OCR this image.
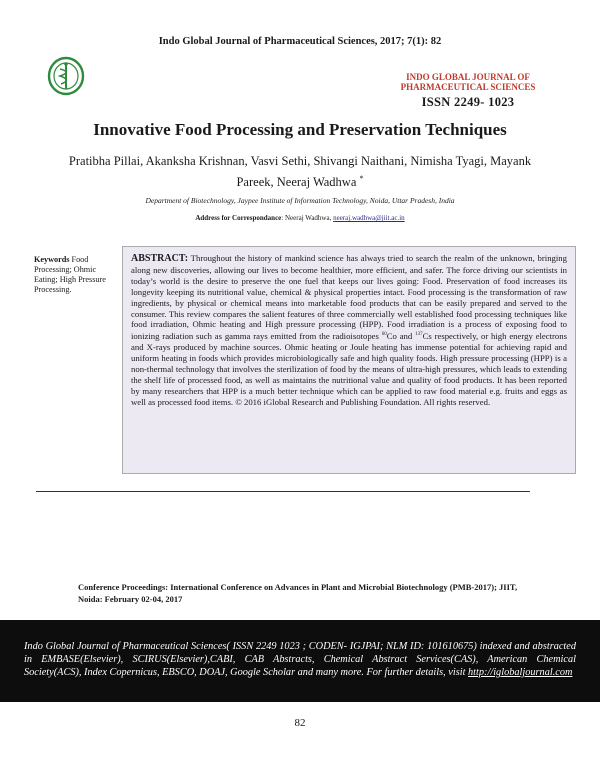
Indo Global Journal of Pharmaceutical Sciences, 2017; 7(1): 82
INDO GLOBAL JOURNAL OF
PHARMACEUTICAL SCIENCES
ISSN 2249- 1023
Innovative Food Processing and Preservation Techniques
Pratibha Pillai, Akanksha Krishnan, Vasvi Sethi, Shivangi Naithani, Nimisha Tyagi, Mayank
Pareek, Neeraj Wadhwa *
Department of Biotechnology, Jaypee Institute of Information Technology, Noida, Uttar Pradesh, India
Address for Correspondance: Neeraj Wadhwa, neeraj.wadhwa@jiit.ac.in
Keywords Food Processing; Ohmic Eating; High Pressure Processing.
ABSTRACT: Throughout the history of mankind science has always tried to search the realm of the unknown, bringing along new discoveries, allowing our lives to become healthier, more efficient, and safer. The force driving our scientists in today’s world is the desire to preserve the one fuel that keeps our lives going: Food. Preservation of food increases its longevity keeping its nutritional value, chemical & physical properties intact. Food processing is the transformation of raw ingredients, by physical or chemical means into marketable food products that can be easily prepared and served to the consumer. This review compares the salient features of three commercially well established food processing techniques like food irradiation, Ohmic heating and High pressure processing (HPP). Food irradiation is a process of exposing food to ionizing radiation such as gamma rays emitted from the radioisotopes $^{60}$Co and $^{137}$Cs respectively, or high energy electrons and X-rays produced by machine sources. Ohmic heating or Joule heating has immense potential for achieving rapid and uniform heating in foods which provides microbiologically safe and high quality foods. High pressure processing (HPP) is a non-thermal technology that involves the sterilization of food by the means of ultra-high pressures, which leads to extending the shelf life of processed food, as well as maintains the nutritional value and quality of food products. It has been reported by many researchers that HPP is a much better technique which can be applied to raw food material e.g. fruits and eggs as well as processed food items. © 2016 iGlobal Research and Publishing Foundation. All rights reserved.
Conference Proceedings: International Conference on Advances in Plant and Microbial Biotechnology (PMB-2017); JIIT, Noida: February 02-04, 2017
Indo Global Journal of Pharmaceutical Sciences( ISSN 2249 1023 ; CODEN- IGJPAI; NLM ID: 101610675) indexed and abstracted in EMBASE(Elsevier), SCIRUS(Elsevier),CABI, CAB Abstracts, Chemical Abstract Services(CAS), American Chemical Society(ACS), Index Copernicus, EBSCO, DOAJ, Google Scholar and many more. For further details, visit http://iglobaljournal.com
82
